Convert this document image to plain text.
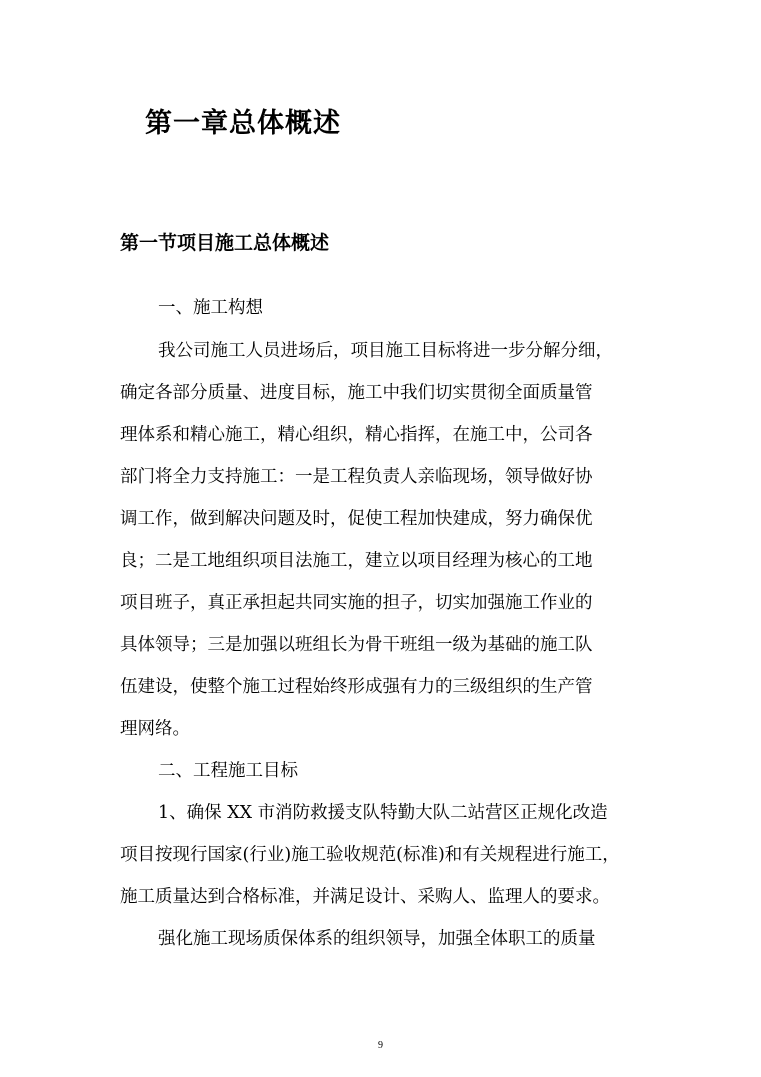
第一章总体概述
第一节项目施工总体概述

一、施工构想

我公司施工人员进场后，项目施工目标将进一步分解分细，

确定各部分质量、进度目标，施工中我们切实贯彻全面质量管

理体系和精心施工，精心组织，精心指挥，在施工中，公司各

部门将全力支持施工：一是工程负责人亲临现场，领导做好协

调工作，做到解决问题及时，促使工程加快建成，努力确保优

良；二是工地组织项目法施工，建立以项目经理为核心的工地

项目班子，真正承担起共同实施的担子，切实加强施工作业的

具体领导；三是加强以班组长为骨干班组一级为基础的施工队

伍建设，使整个施工过程始终形成强有力的三级组织的生产管

理网络。

二、工程施工目标

1、确保 XX 市消防救援支队特勤大队二站营区正规化改造

项目按现行国家(行业)施工验收规范(标准)和有关规程进行施工，

施工质量达到合格标准，并满足设计、采购人、监理人的要求。

强化施工现场质保体系的组织领导，加强全体职工的质量

9
